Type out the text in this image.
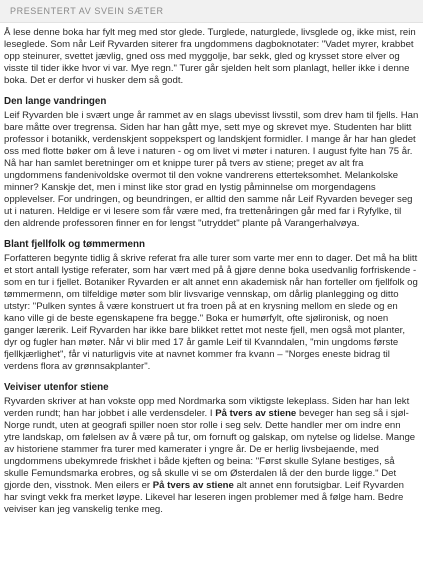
PRESENTERT AV SVEIN SÆTER

Å lese denne boka har fylt meg med stor glede. Turglede, naturglede, livsglede og, ikke mist, rein leseglede. Som når Leif Ryvarden siterer fra ungdommens dagboknotater: "Vadet myrer, krabbet opp steinurer, svettet jævlig, gned oss med myggolje, bar sekk, gled og krysset store elver og visste til tider ikke hvor vi var. Mye regn." Turer går sjelden helt som planlagt, heller ikke i denne boka. Det er derfor vi husker dem så godt.

Den lange vandringen

Leif Ryvarden ble i svært unge år rammet av en slags ubevisst livsstil, som drev ham til fjells. Han bare måtte over tregrensa. Siden har han gått mye, sett mye og skrevet mye. Studenten har blitt professor i botanikk, verdenskjent soppekspert og landskjent formidler. I mange år har han gledet oss med flotte bøker om å leve i naturen - og om livet vi møter i naturen. I august fylte han 75 år. Nå har han samlet beretninger om et knippe turer på tvers av stiene; preget av alt fra ungdommens fandenivoldske overmot til den vokne vandrerens etterteksomhet. Melankolske minner? Kanskje det, men i minst like stor grad en lystig påminnelse om morgendagens opplevelser. For undringen, og beundringen, er alltid den samme når Leif Ryvarden beveger seg ut i naturen. Heldige er vi lesere som får være med, fra trettenåringen går med far i Ryfylke, til den aldrende professoren finner en for lengst "utryddet" plante på Varangerhalvøya.

Blant fjellfolk og tømmermenn

Forfatteren begynte tidlig å skrive referat fra alle turer som varte mer enn to dager. Det må ha blitt et stort antall lystige referater, som har vært med på å gjøre denne boka usedvanlig forfriskende - som en tur i fjellet. Botaniker Ryvarden er alt annet enn akademisk når han forteller om fjellfolk og tømmermenn, om tilfeldige møter som blir livsvarige vennskap, om dårlig planlegging og ditto utstyr: "Pulken syntes å være konstruert ut fra troen på at en krysning mellom en slede og en kano ville gi de beste egenskapene fra begge." Boka er humørfylt, ofte sjølironisk, og noen ganger lærerik. Leif Ryvarden har ikke bare blikket rettet mot neste fjell, men også mot planter, dyr og fugler han møter. Når vi blir med 17 år gamle Leif til Kvanndalen, "min ungdoms første fjellkjærlighet", får vi naturligvis vite at navnet kommer fra kvann – "Norges eneste bidrag til verdens flora av grønnsakplanter".

Veiviser utenfor stiene

Ryvarden skriver at han vokste opp med Nordmarka som viktigste lekeplass. Siden har han lekt verden rundt; han har jobbet i alle verdensdeler. I På tvers av stiene beveger han seg så i sjøl-Norge rundt, uten at geografi spiller noen stor rolle i seg selv. Dette handler mer om indre enn ytre landskap, om følelsen av å være på tur, om fornuft og galskap, om nytelse og lidelse. Mange av historiene stammer fra turer med kamerater i yngre år. De er herlig livsbejaende, med ungdommens ubekymrede friskhet i både kjeften og beina: "Først skulle Sylane bestiges, så skulle Femundsmarka erobres, og så skulle vi se om Østerdalen lå der den burde ligge." Det gjorde den, visstnok. Men eilers er På tvers av stiene alt annet enn forutsigbar. Leif Ryvarden har svingt vekk fra merket løype. Likevel har leseren ingen problemer med å følge ham. Bedre veiviser kan jeg vanskelig tenke meg.
